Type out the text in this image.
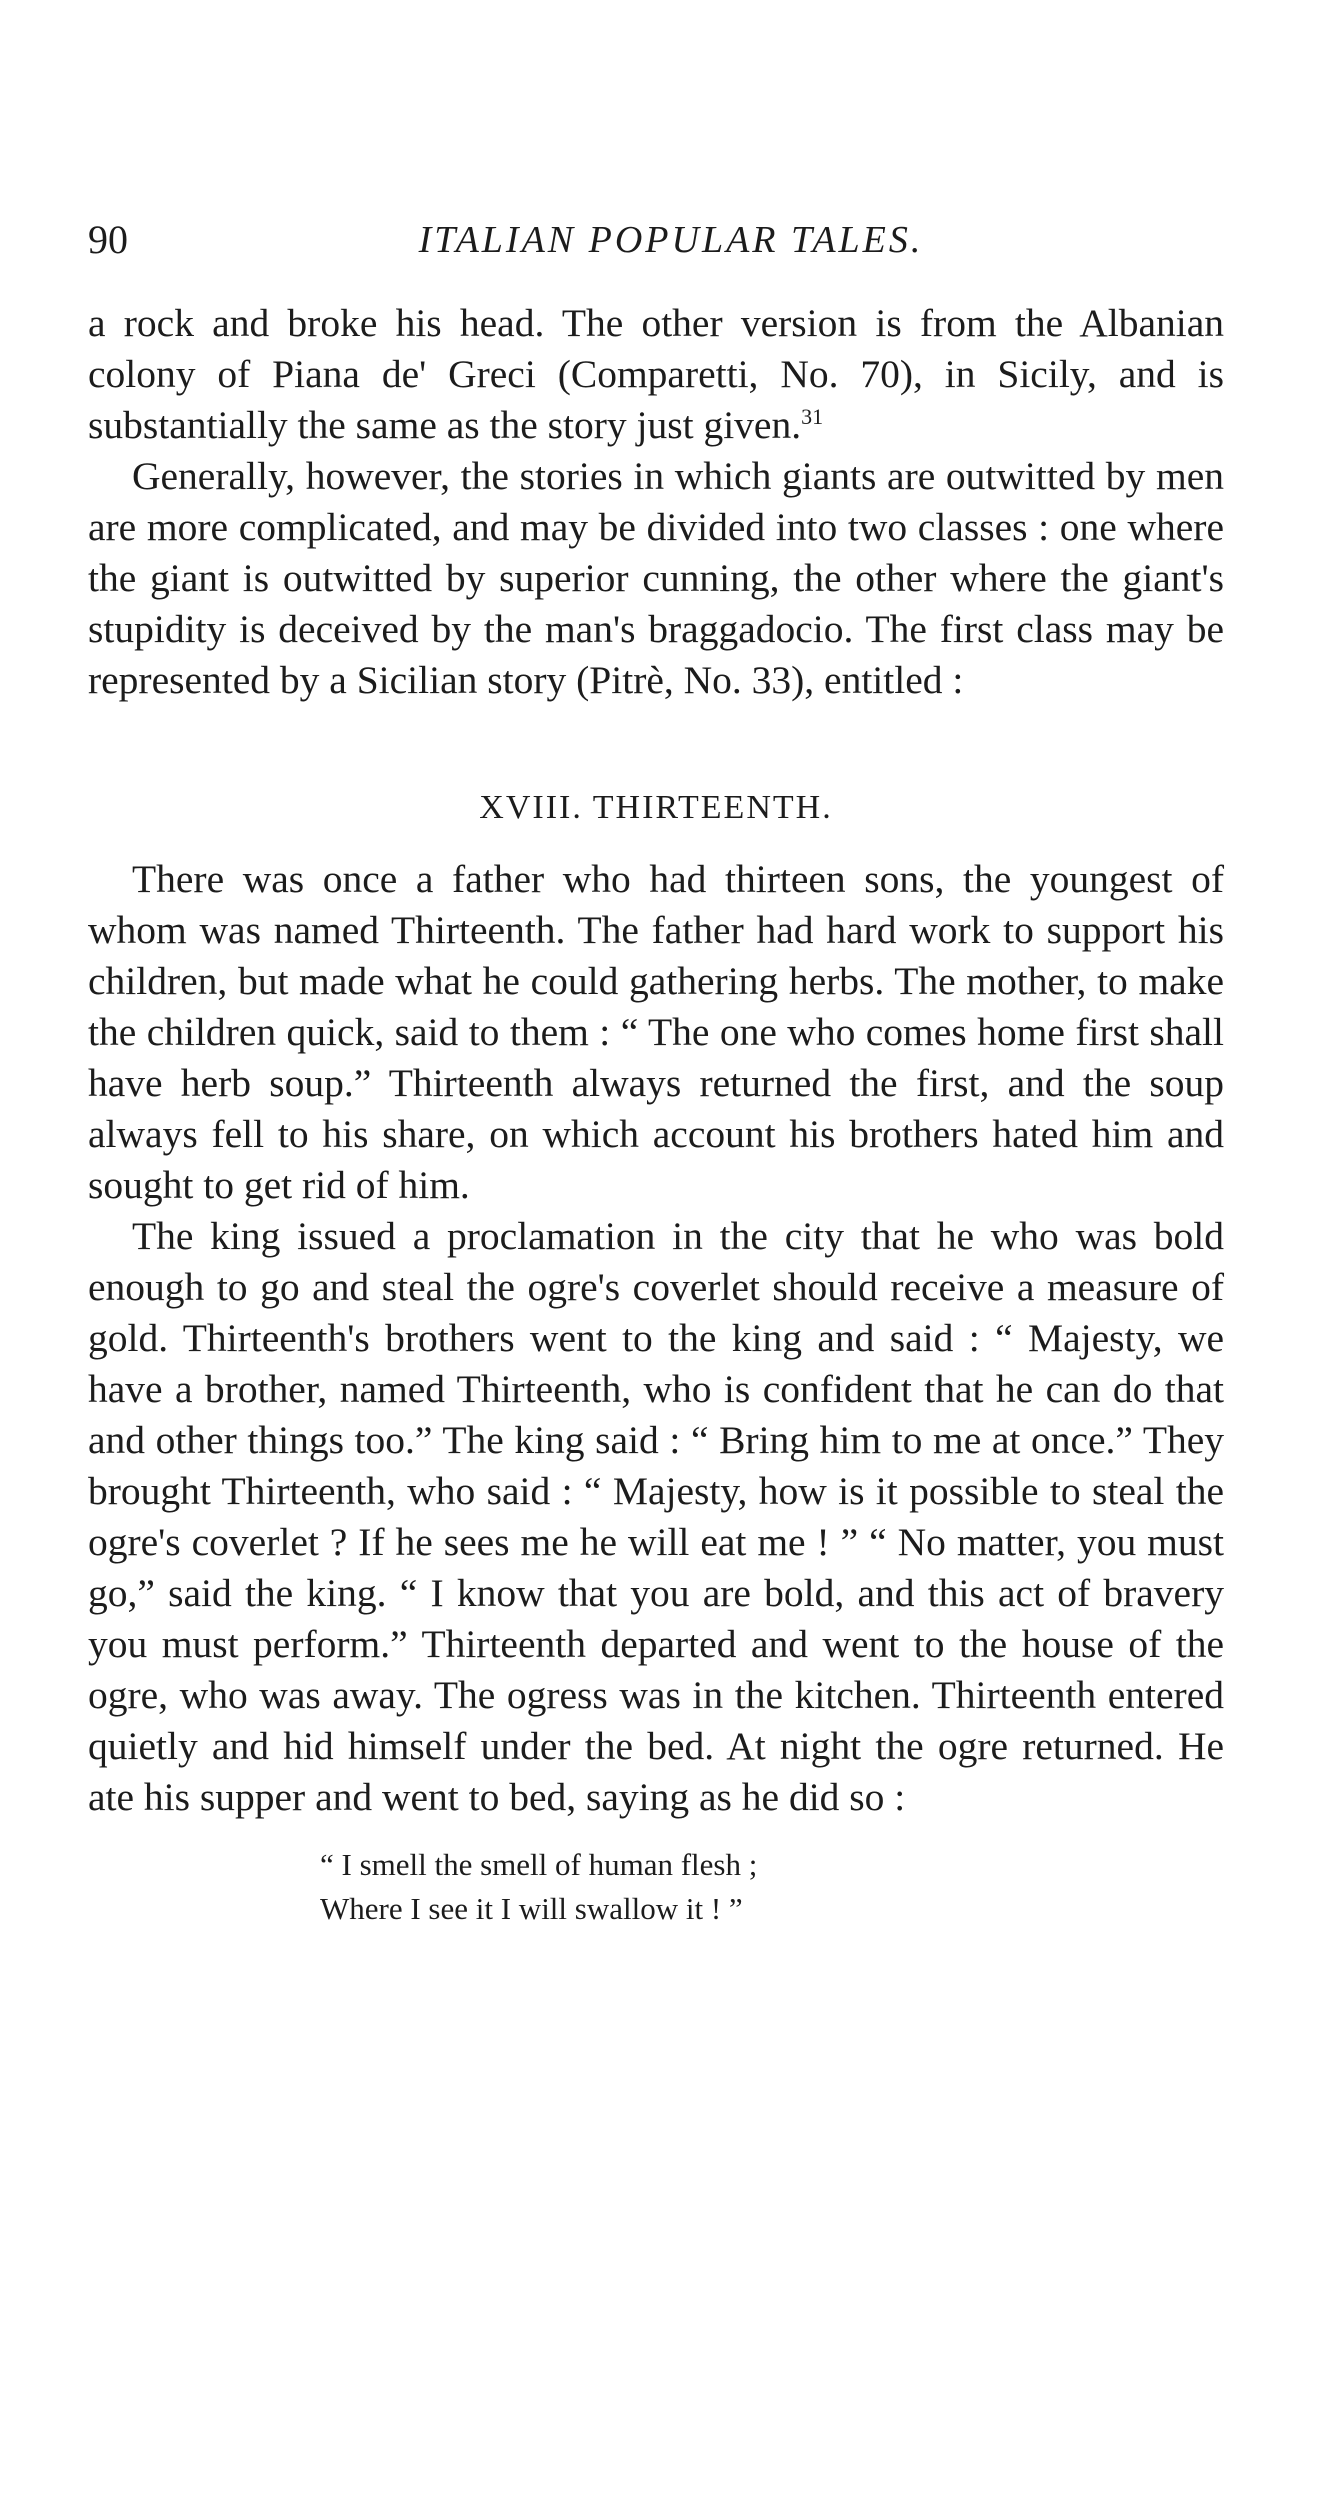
90	ITALIAN POPULAR TALES.

a rock and broke his head. The other version is from the Albanian colony of Piana de' Greci (Comparetti, No. 70), in Sicily, and is substantially the same as the story just given.$^{31}$

Generally, however, the stories in which giants are outwitted by men are more complicated, and may be divided into two classes : one where the giant is outwitted by superior cunning, the other where the giant's stupidity is deceived by the man's braggadocio. The first class may be represented by a Sicilian story (Pitrè, No. 33), entitled :

XVIII. THIRTEENTH.

There was once a father who had thirteen sons, the youngest of whom was named Thirteenth. The father had hard work to support his children, but made what he could gathering herbs. The mother, to make the children quick, said to them : “ The one who comes home first shall have herb soup.” Thirteenth always returned the first, and the soup always fell to his share, on which account his brothers hated him and sought to get rid of him.

The king issued a proclamation in the city that he who was bold enough to go and steal the ogre's coverlet should receive a measure of gold. Thirteenth's brothers went to the king and said : “ Majesty, we have a brother, named Thirteenth, who is confident that he can do that and other things too.” The king said : “ Bring him to me at once.” They brought Thirteenth, who said : “ Majesty, how is it possible to steal the ogre's coverlet ? If he sees me he will eat me ! ” “ No matter, you must go,” said the king. “ I know that you are bold, and this act of bravery you must perform.” Thirteenth departed and went to the house of the ogre, who was away. The ogress was in the kitchen. Thirteenth entered quietly and hid himself under the bed. At night the ogre returned. He ate his supper and went to bed, saying as he did so :

“ I smell the smell of human flesh ;
Where I see it I will swallow it ! ”
